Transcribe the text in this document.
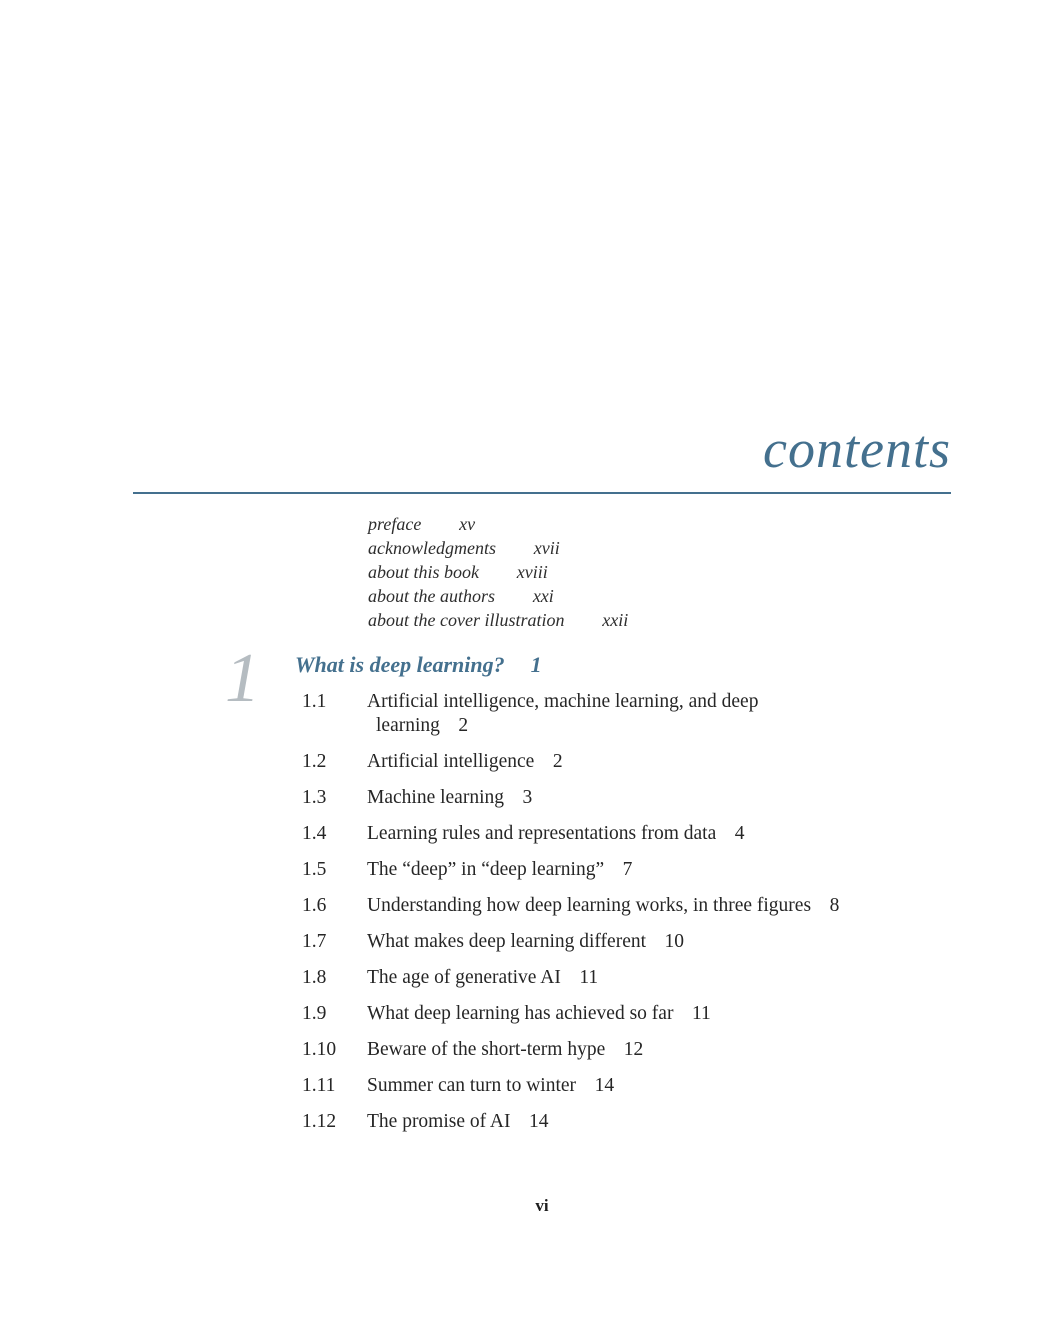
contents
preface xv
acknowledgments xvii
about this book xviii
about the authors xxi
about the cover illustration xxii
1 What is deep learning? 1
1.1	Artificial intelligence, machine learning, and deep
learning 2
1.2	Artificial intelligence 2
1.3	Machine learning 3
1.4	Learning rules and representations from data 4
1.5	The “deep” in “deep learning” 7
1.6	Understanding how deep learning works, in three figures 8
1.7	What makes deep learning different 10
1.8	The age of generative AI 11
1.9	What deep learning has achieved so far 11
1.10	Beware of the short-term hype 12
1.11	Summer can turn to winter 14
1.12	The promise of AI 14
vi
